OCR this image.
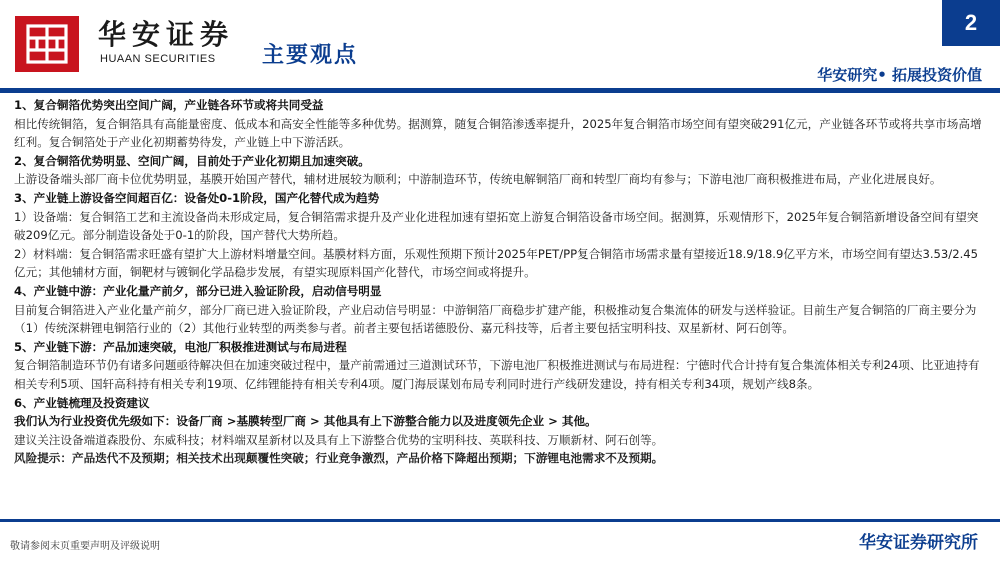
华安证券
HUAAN SECURITIES	主要观点
2
华安研究• 拓展投资价值

1、复合铜箔优势突出空间广阔，产业链各环节或将共同受益

相比传统铜箔，复合铜箔具有高能量密度、低成本和高安全性能等多种优势。据测算，随复合铜箔渗透率提升，2025年复合铜箔市场空间有望突破291亿元，产业链各环节或将共享市场高增红利。复合铜箔处于产业化初期蓄势待发，产业链上中下游活跃。

2、复合铜箔优势明显、空间广阔，目前处于产业化初期且加速突破。

上游设备端头部厂商卡位优势明显，基膜开始国产替代，辅材进展较为顺利；中游制造环节，传统电解铜箔厂商和转型厂商均有参与；下游电池厂商积极推进布局，产业化进展良好。

3、产业链上游设备空间超百亿：设备处0-1阶段，国产化替代成为趋势

1）设备端：复合铜箔工艺和主流设备尚未形成定局，复合铜箔需求提升及产业化进程加速有望拓宽上游复合铜箔设备市场空间。据测算，乐观情形下，2025年复合铜箔新增设备空间有望突破209亿元。部分制造设备处于0-1的阶段，国产替代大势所趋。

2）材料端：复合铜箔需求旺盛有望扩大上游材料增量空间。基膜材料方面，乐观性预期下预计2025年PET/PP复合铜箔市场需求量有望接近18.9/18.9亿平方米，市场空间有望达3.53/2.45亿元；其他辅材方面，铜靶材与镀铜化学品稳步发展，有望实现原料国产化替代，市场空间或将提升。

4、产业链中游：产业化量产前夕，部分已进入验证阶段，启动信号明显

目前复合铜箔进入产业化量产前夕，部分厂商已进入验证阶段，产业启动信号明显：中游铜箔厂商稳步扩建产能，积极推动复合集流体的研发与送样验证。目前生产复合铜箔的厂商主要分为（1）传统深耕锂电铜箔行业的（2）其他行业转型的两类参与者。前者主要包括诺德股份、嘉元科技等，后者主要包括宝明科技、双星新材、阿石创等。

5、产业链下游：产品加速突破，电池厂积极推进测试与布局进程

复合铜箔制造环节仍有诸多问题亟待解决但在加速突破过程中，量产前需通过三道测试环节，下游电池厂积极推进测试与布局进程：宁德时代合计持有复合集流体相关专利24项、比亚迪持有相关专利5项、国轩高科持有相关专利19项、亿纬锂能持有相关专利4项。厦门海辰谋划布局专利同时进行产线研发建设，持有相关专利34项，规划产线8条。

6、产业链梳理及投资建议

我们认为行业投资优先级如下：设备厂商 >基膜转型厂商 > 其他具有上下游整合能力以及进度领先企业 > 其他。

建议关注设备端道森股份、东威科技；材料端双星新材以及具有上下游整合优势的宝明科技、英联科技、万顺新材、阿石创等。

风险提示：产品迭代不及预期；相关技术出现颠覆性突破；行业竞争激烈，产品价格下降超出预期；下游锂电池需求不及预期。

敬请参阅末页重要声明及评级说明	华安证券研究所
